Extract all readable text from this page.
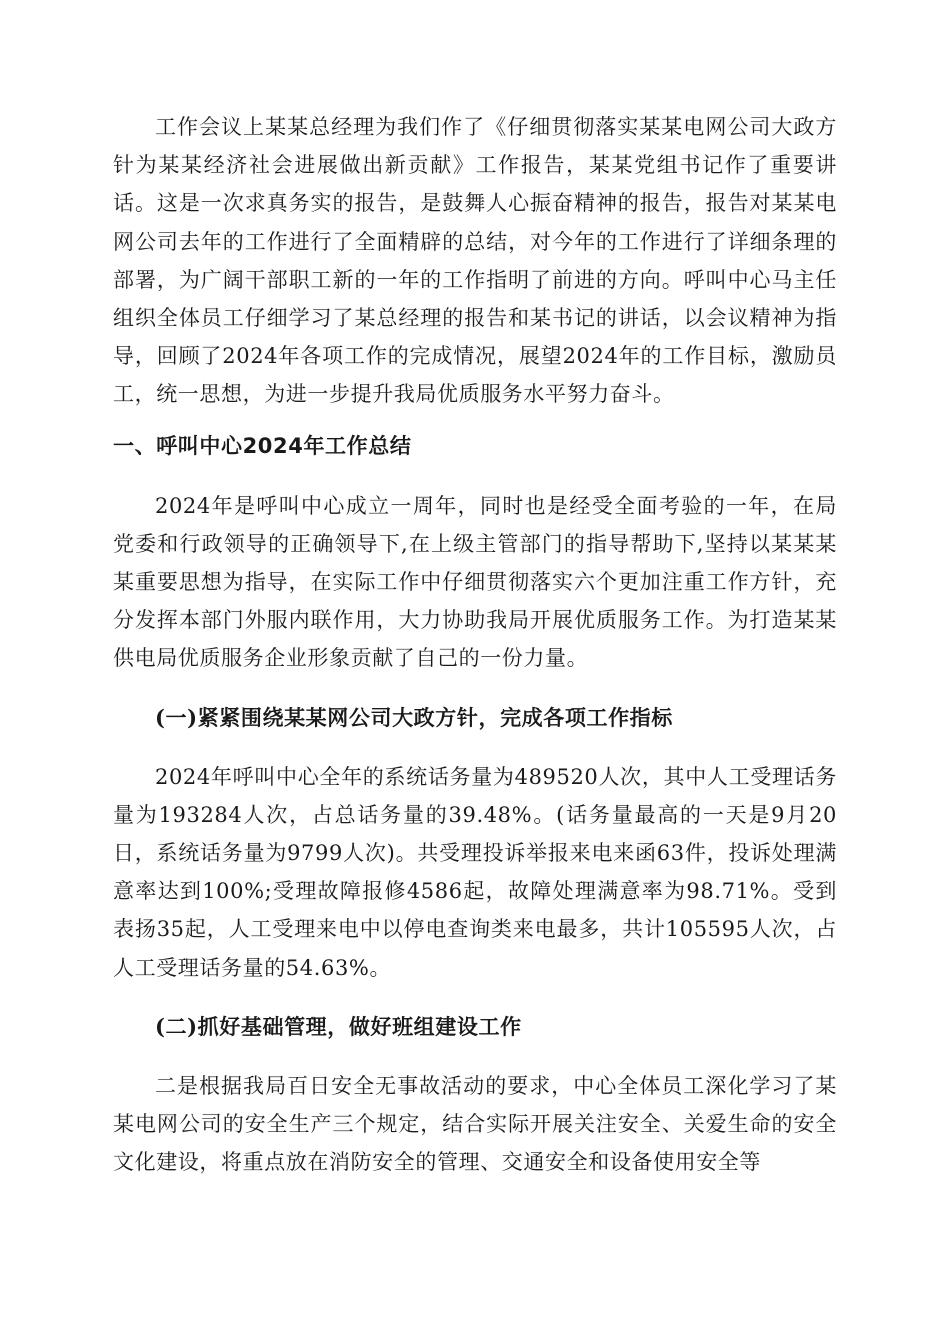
工作会议上某某总经理为我们作了《仔细贯彻落实某某电网公司大政方针为某某经济社会进展做出新贡献》工作报告，某某党组书记作了重要讲话。这是一次求真务实的报告，是鼓舞人心振奋精神的报告，报告对某某电网公司去年的工作进行了全面精辟的总结，对今年的工作进行了详细条理的部署，为广阔干部职工新的一年的工作指明了前进的方向。呼叫中心马主任组织全体员工仔细学习了某总经理的报告和某书记的讲话，以会议精神为指导，回顾了2024年各项工作的完成情况，展望2024年的工作目标，激励员工，统一思想，为进一步提升我局优质服务水平努力奋斗。

一、呼叫中心2024年工作总结

2024年是呼叫中心成立一周年，同时也是经受全面考验的一年，在局党委和行政领导的正确领导下,在上级主管部门的指导帮助下,坚持以某某某某重要思想为指导，在实际工作中仔细贯彻落实六个更加注重工作方针，充分发挥本部门外服内联作用，大力协助我局开展优质服务工作。为打造某某供电局优质服务企业形象贡献了自己的一份力量。

(一)紧紧围绕某某网公司大政方针，完成各项工作指标

2024年呼叫中心全年的系统话务量为489520人次，其中人工受理话务量为193284人次，占总话务量的39.48%。(话务量最高的一天是9月20日，系统话务量为9799人次)。共受理投诉举报来电来函63件，投诉处理满意率达到100%;受理故障报修4586起，故障处理满意率为98.71%。受到表扬35起，人工受理来电中以停电查询类来电最多，共计105595人次，占人工受理话务量的54.63%。

(二)抓好基础管理，做好班组建设工作

二是根据我局百日安全无事故活动的要求，中心全体员工深化学习了某某电网公司的安全生产三个规定，结合实际开展关注安全、关爱生命的安全文化建设，将重点放在消防安全的管理、交通安全和设备使用安全等
